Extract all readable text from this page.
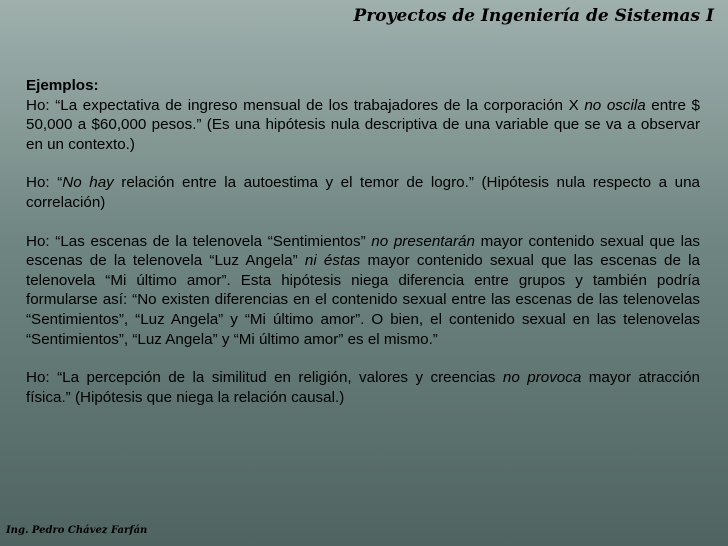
Proyectos de Ingeniería de Sistemas I
Ejemplos:

Ho: “La expectativa de ingreso mensual de los trabajadores de la corporación X no oscila entre $ 50,000 a $60,000 pesos.” (Es una hipótesis nula descriptiva de una variable que se va a observar en un contexto.)

Ho: “No hay relación entre la autoestima y el temor de logro.” (Hipótesis nula respecto a una correlación)

Ho: “Las escenas de la telenovela “Sentimientos” no presentarán mayor contenido sexual que las escenas de la telenovela “Luz Angela” ni éstas mayor contenido sexual que las escenas de la telenovela “Mi último amor”. Esta hipótesis niega diferencia entre grupos y también podría formularse así: “No existen diferencias en el contenido sexual entre las escenas de las telenovelas “Sentimientos”, “Luz Angela” y “Mi último amor”. O bien, el contenido sexual en las telenovelas “Sentimientos”, “Luz Angela” y “Mi último amor” es el mismo.”

Ho: “La percepción de la similitud en religión, valores y creencias no provoca mayor atracción física.” (Hipótesis que niega la relación causal.)

Ing. Pedro Chávez Farfán
